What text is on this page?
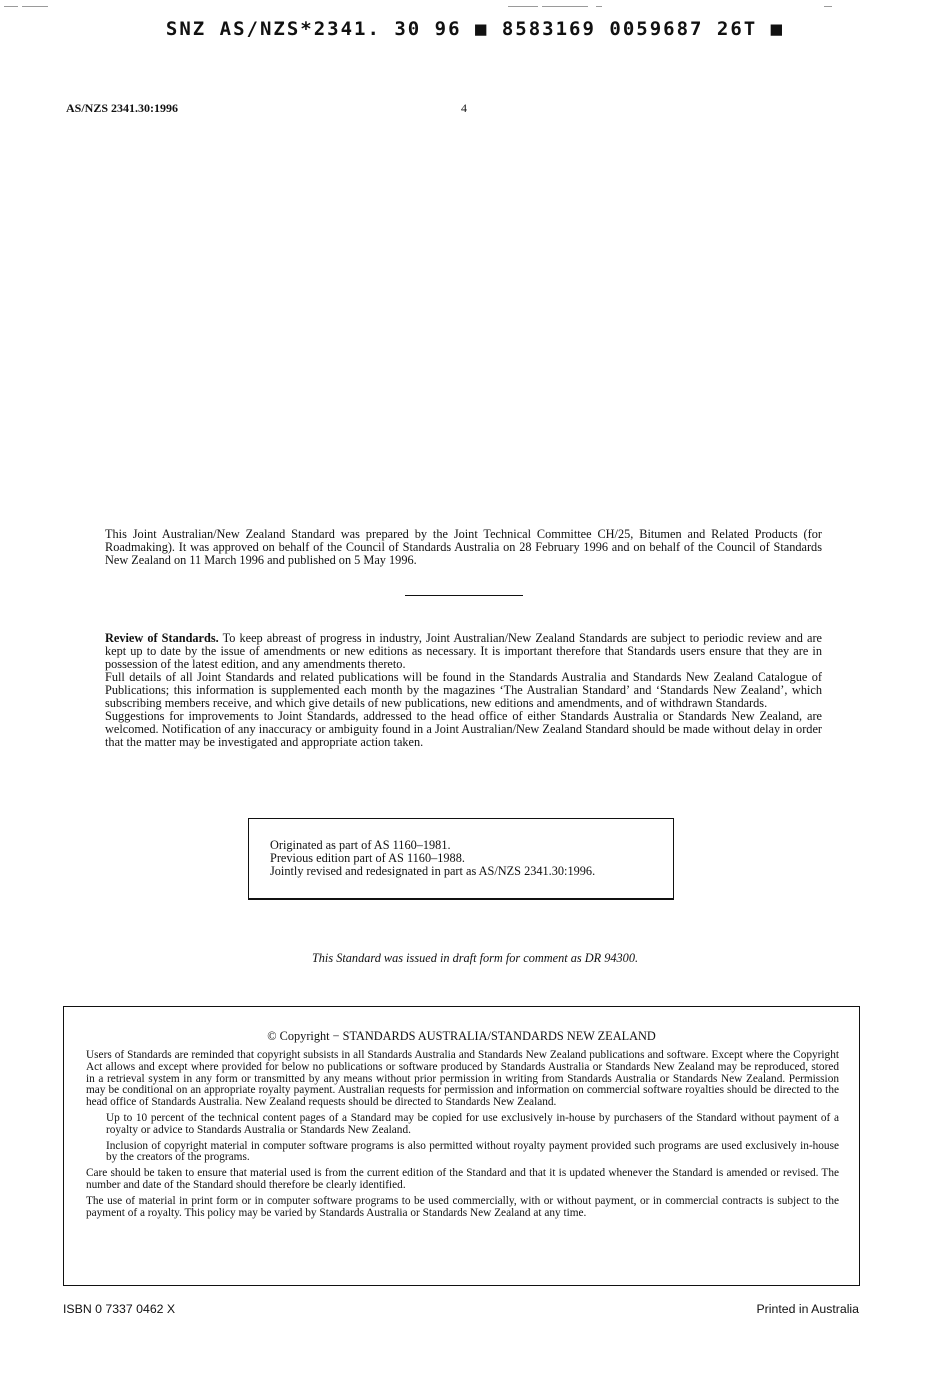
SNZ AS/NZS*2341. 30 96 ■ 8583169 0059687 26T ■
AS/NZS 2341.30:1996	4
This Joint Australian/New Zealand Standard was prepared by the Joint Technical Committee CH/25, Bitumen and Related Products (for Roadmaking). It was approved on behalf of the Council of Standards Australia on 28 February 1996 and on behalf of the Council of Standards New Zealand on 11 March 1996 and published on 5 May 1996.

Review of Standards. To keep abreast of progress in industry, Joint Australian/New Zealand Standards are subject to periodic review and are kept up to date by the issue of amendments or new editions as necessary. It is important therefore that Standards users ensure that they are in possession of the latest edition, and any amendments thereto.

Full details of all Joint Standards and related publications will be found in the Standards Australia and Standards New Zealand Catalogue of Publications; this information is supplemented each month by the magazines ‘The Australian Standard’ and ‘Standards New Zealand’, which subscribing members receive, and which give details of new publications, new editions and amendments, and of withdrawn Standards.

Suggestions for improvements to Joint Standards, addressed to the head office of either Standards Australia or Standards New Zealand, are welcomed. Notification of any inaccuracy or ambiguity found in a Joint Australian/New Zealand Standard should be made without delay in order that the matter may be investigated and appropriate action taken.

Originated as part of AS 1160–1981.
Previous edition part of AS 1160–1988.
Jointly revised and redesignated in part as AS/NZS 2341.30:1996.
This Standard was issued in draft form for comment as DR 94300.
© Copyright − STANDARDS AUSTRALIA/STANDARDS NEW ZEALAND

Users of Standards are reminded that copyright subsists in all Standards Australia and Standards New Zealand publications and software. Except where the Copyright Act allows and except where provided for below no publications or software produced by Standards Australia or Standards New Zealand may be reproduced, stored in a retrieval system in any form or transmitted by any means without prior permission in writing from Standards Australia or Standards New Zealand. Permission may be conditional on an appropriate royalty payment. Australian requests for permission and information on commercial software royalties should be directed to the head office of Standards Australia. New Zealand requests should be directed to Standards New Zealand.

Up to 10 percent of the technical content pages of a Standard may be copied for use exclusively in-house by purchasers of the Standard without payment of a royalty or advice to Standards Australia or Standards New Zealand.

Inclusion of copyright material in computer software programs is also permitted without royalty payment provided such programs are used exclusively in-house by the creators of the programs.

Care should be taken to ensure that material used is from the current edition of the Standard and that it is updated whenever the Standard is amended or revised. The number and date of the Standard should therefore be clearly identified.

The use of material in print form or in computer software programs to be used commercially, with or without payment, or in commercial contracts is subject to the payment of a royalty. This policy may be varied by Standards Australia or Standards New Zealand at any time.

ISBN 0 7337 0462 X	Printed in Australia
